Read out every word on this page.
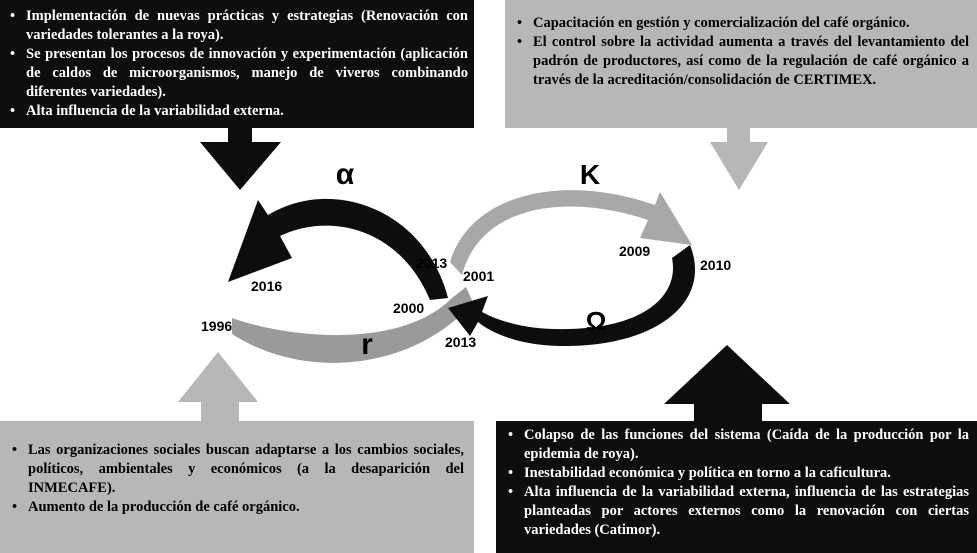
α	K
Ω
r
1996
2016
2013
2001
2000
2013
2009
2010
• Implementación de nuevas prácticas y estrategias (Renovación con variedades tolerantes a la roya).
• Se presentan los procesos de innovación y experimentación (aplicación de caldos de microorganismos, manejo de viveros combinando diferentes variedades).
• Alta influencia de la variabilidad externa.
• Capacitación en gestión y comercialización del café orgánico.
• El control sobre la actividad aumenta a través del levantamiento del padrón de productores, así como de la regulación de café orgánico a través de la acreditación/consolidación de CERTIMEX.
• Las organizaciones sociales buscan adaptarse a los cambios sociales, políticos, ambientales y económicos (a la desaparición del INMECAFE).
• Aumento de la producción de café orgánico.
• Colapso de las funciones del sistema (Caída de la producción por la epidemia de roya).
• Inestabilidad económica y política en torno a la caficultura.
• Alta influencia de la variabilidad externa, influencia de las estrategias planteadas por actores externos como la renovación con ciertas variedades (Catimor).
